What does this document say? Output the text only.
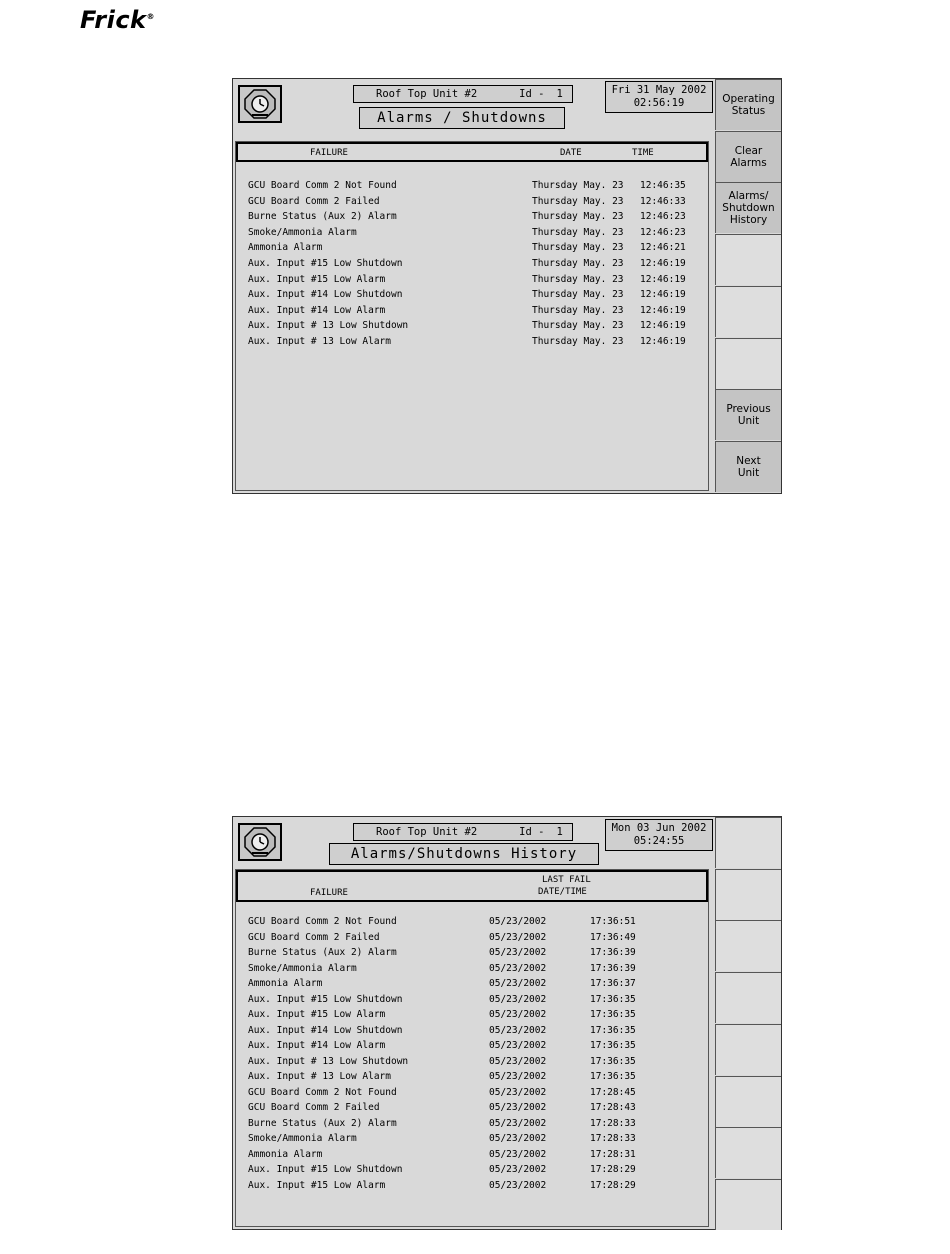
Frick®
Roof Top Unit #2	Id - 1
Alarms / Shutdowns
Fri 31 May 2002
02:56:19
FAILURE	DATE	TIME
GCU Board Comm 2 Not Found	Thursday May. 23 12:46:35
GCU Board Comm 2 Failed	Thursday May. 23 12:46:33
Burne Status (Aux 2) Alarm	Thursday May. 23 12:46:23
Smoke/Ammonia Alarm	Thursday May. 23 12:46:23
Ammonia Alarm	Thursday May. 23 12:46:21
Aux. Input #15 Low Shutdown	Thursday May. 23 12:46:19
Aux. Input #15 Low Alarm	Thursday May. 23 12:46:19
Aux. Input #14 Low Shutdown	Thursday May. 23 12:46:19
Aux. Input #14 Low Alarm	Thursday May. 23 12:46:19
Aux. Input # 13 Low Shutdown	Thursday May. 23 12:46:19
Aux. Input # 13 Low Alarm	Thursday May. 23 12:46:19
Operating
Status
Clear
Alarms
Alarms/
Shutdown
History
Previous
Unit
Next
Unit
Roof Top Unit #2	Id - 1
Alarms/Shutdowns History
Mon 03 Jun 2002
05:24:55
FAILURE
LAST FAIL
DATE/TIME
GCU Board Comm 2 Not Found	05/23/2002	17:36:51
GCU Board Comm 2 Failed	05/23/2002	17:36:49
Burne Status (Aux 2) Alarm	05/23/2002	17:36:39
Smoke/Ammonia Alarm	05/23/2002	17:36:39
Ammonia Alarm	05/23/2002	17:36:37
Aux. Input #15 Low Shutdown	05/23/2002	17:36:35
Aux. Input #15 Low Alarm	05/23/2002	17:36:35
Aux. Input #14 Low Shutdown	05/23/2002	17:36:35
Aux. Input #14 Low Alarm	05/23/2002	17:36:35
Aux. Input # 13 Low Shutdown	05/23/2002	17:36:35
Aux. Input # 13 Low Alarm	05/23/2002	17:36:35
GCU Board Comm 2 Not Found	05/23/2002	17:28:45
GCU Board Comm 2 Failed	05/23/2002	17:28:43
Burne Status (Aux 2) Alarm	05/23/2002	17:28:33
Smoke/Ammonia Alarm	05/23/2002	17:28:33
Ammonia Alarm	05/23/2002	17:28:31
Aux. Input #15 Low Shutdown	05/23/2002	17:28:29
Aux. Input #15 Low Alarm	05/23/2002	17:28:29
